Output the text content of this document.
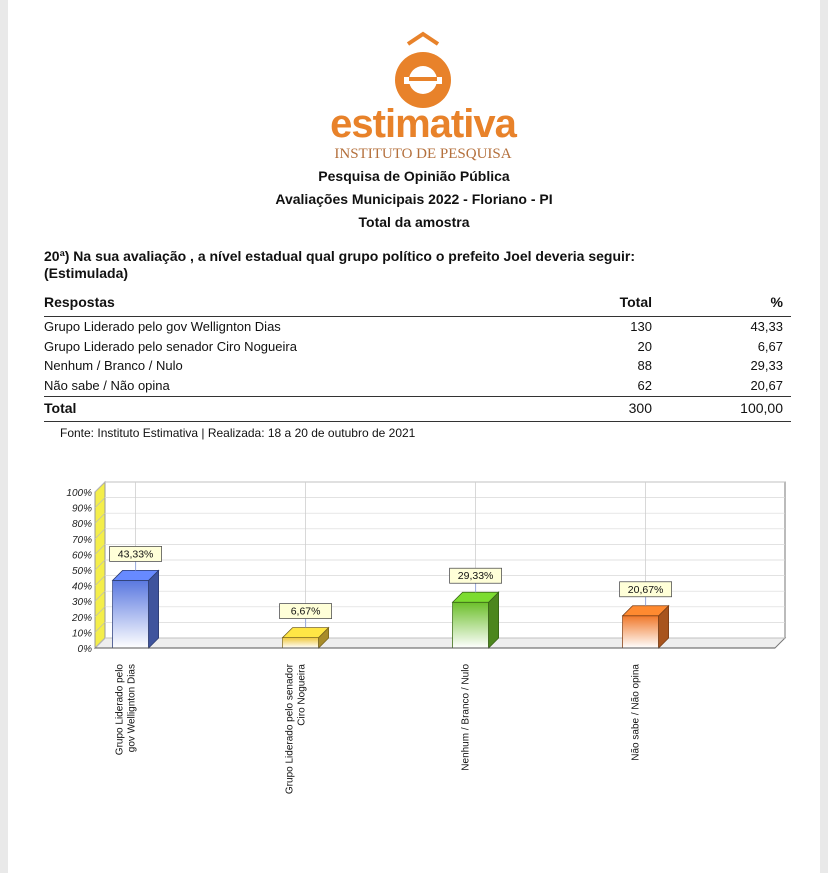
estimativa
INSTITUTO DE PESQUISA
Pesquisa de Opinião Pública
Avaliações Municipais 2022 - Floriano - PI
Total da amostra
20ª) Na sua avaliação , a nível estadual qual grupo político o prefeito Joel deveria seguir:
(Estimulada)
Respostas	Total	%
Grupo Liderado pelo gov Wellignton Dias	130	43,33
Grupo Liderado pelo senador Ciro Nogueira	20	6,67
Nenhum / Branco / Nulo	88	29,33
Não sabe / Não opina	62	20,67
Total	300	100,00
Fonte: Instituto Estimativa | Realizada: 18 a 20 de outubro de 2021
0%
10%
20%
30%
40%
50%
60%
70%
80%
90%
100%
43,33%
Grupo Liderado pelo gov Wellignton Dias
6,67%
Grupo Liderado pelo senador Ciro Nogueira
29,33%
Nenhum / Branco / Nulo
20,67%
Não sabe / Não opina
